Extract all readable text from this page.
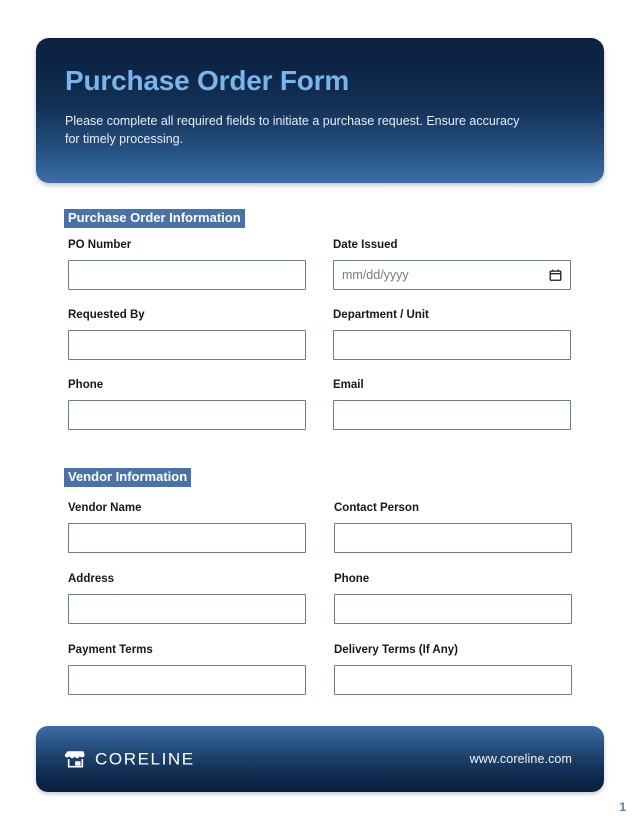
Purchase Order Form
Please complete all required fields to initiate a purchase request. Ensure accuracy for timely processing.
Purchase Order Information
PO Number	Date Issued
mm/dd/yyyy
Requested By	Department / Unit
Phone	Email
Vendor Information
Vendor Name	Contact Person
Address	Phone
Payment Terms	Delivery Terms (If Any)
CORELINE	www.coreline.com
1
